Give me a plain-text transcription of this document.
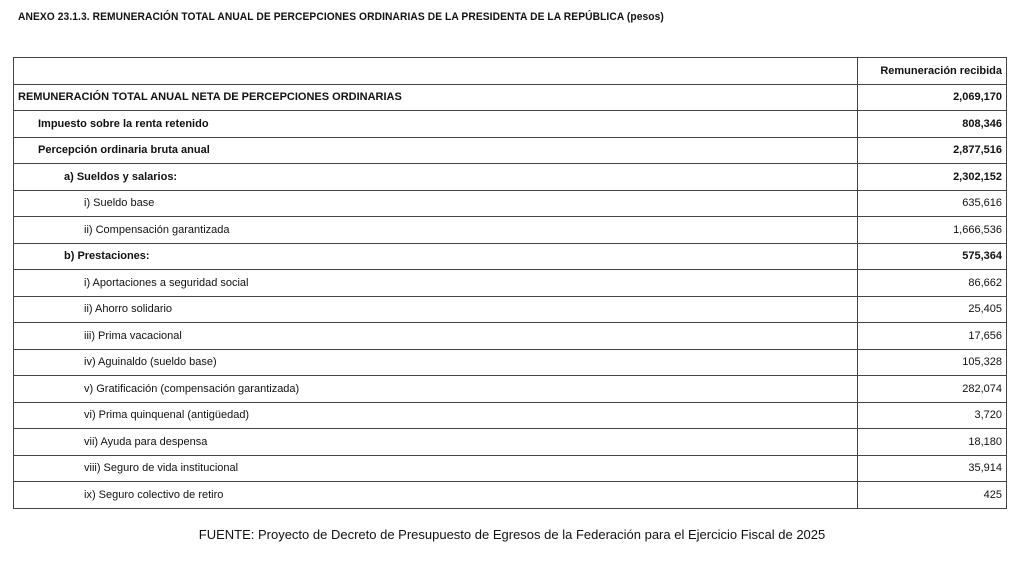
ANEXO 23.1.3. REMUNERACIÓN TOTAL ANUAL DE PERCEPCIONES ORDINARIAS DE LA PRESIDENTA DE LA REPÚBLICA (pesos)
	Remuneración recibida
REMUNERACIÓN TOTAL ANUAL NETA DE PERCEPCIONES ORDINARIAS	2,069,170
Impuesto sobre la renta retenido	808,346
Percepción ordinaria bruta anual	2,877,516
a) Sueldos y salarios:	2,302,152
i) Sueldo base	635,616
ii) Compensación garantizada	1,666,536
b) Prestaciones:	575,364
i) Aportaciones a seguridad social	86,662
ii) Ahorro solidario	25,405
iii) Prima vacacional	17,656
iv) Aguinaldo (sueldo base)	105,328
v) Gratificación (compensación garantizada)	282,074
vi) Prima quinquenal (antigüedad)	3,720
vii) Ayuda para despensa	18,180
viii) Seguro de vida institucional	35,914
ix) Seguro colectivo de retiro	425
FUENTE: Proyecto de Decreto de Presupuesto de Egresos de la Federación para el Ejercicio Fiscal de 2025
